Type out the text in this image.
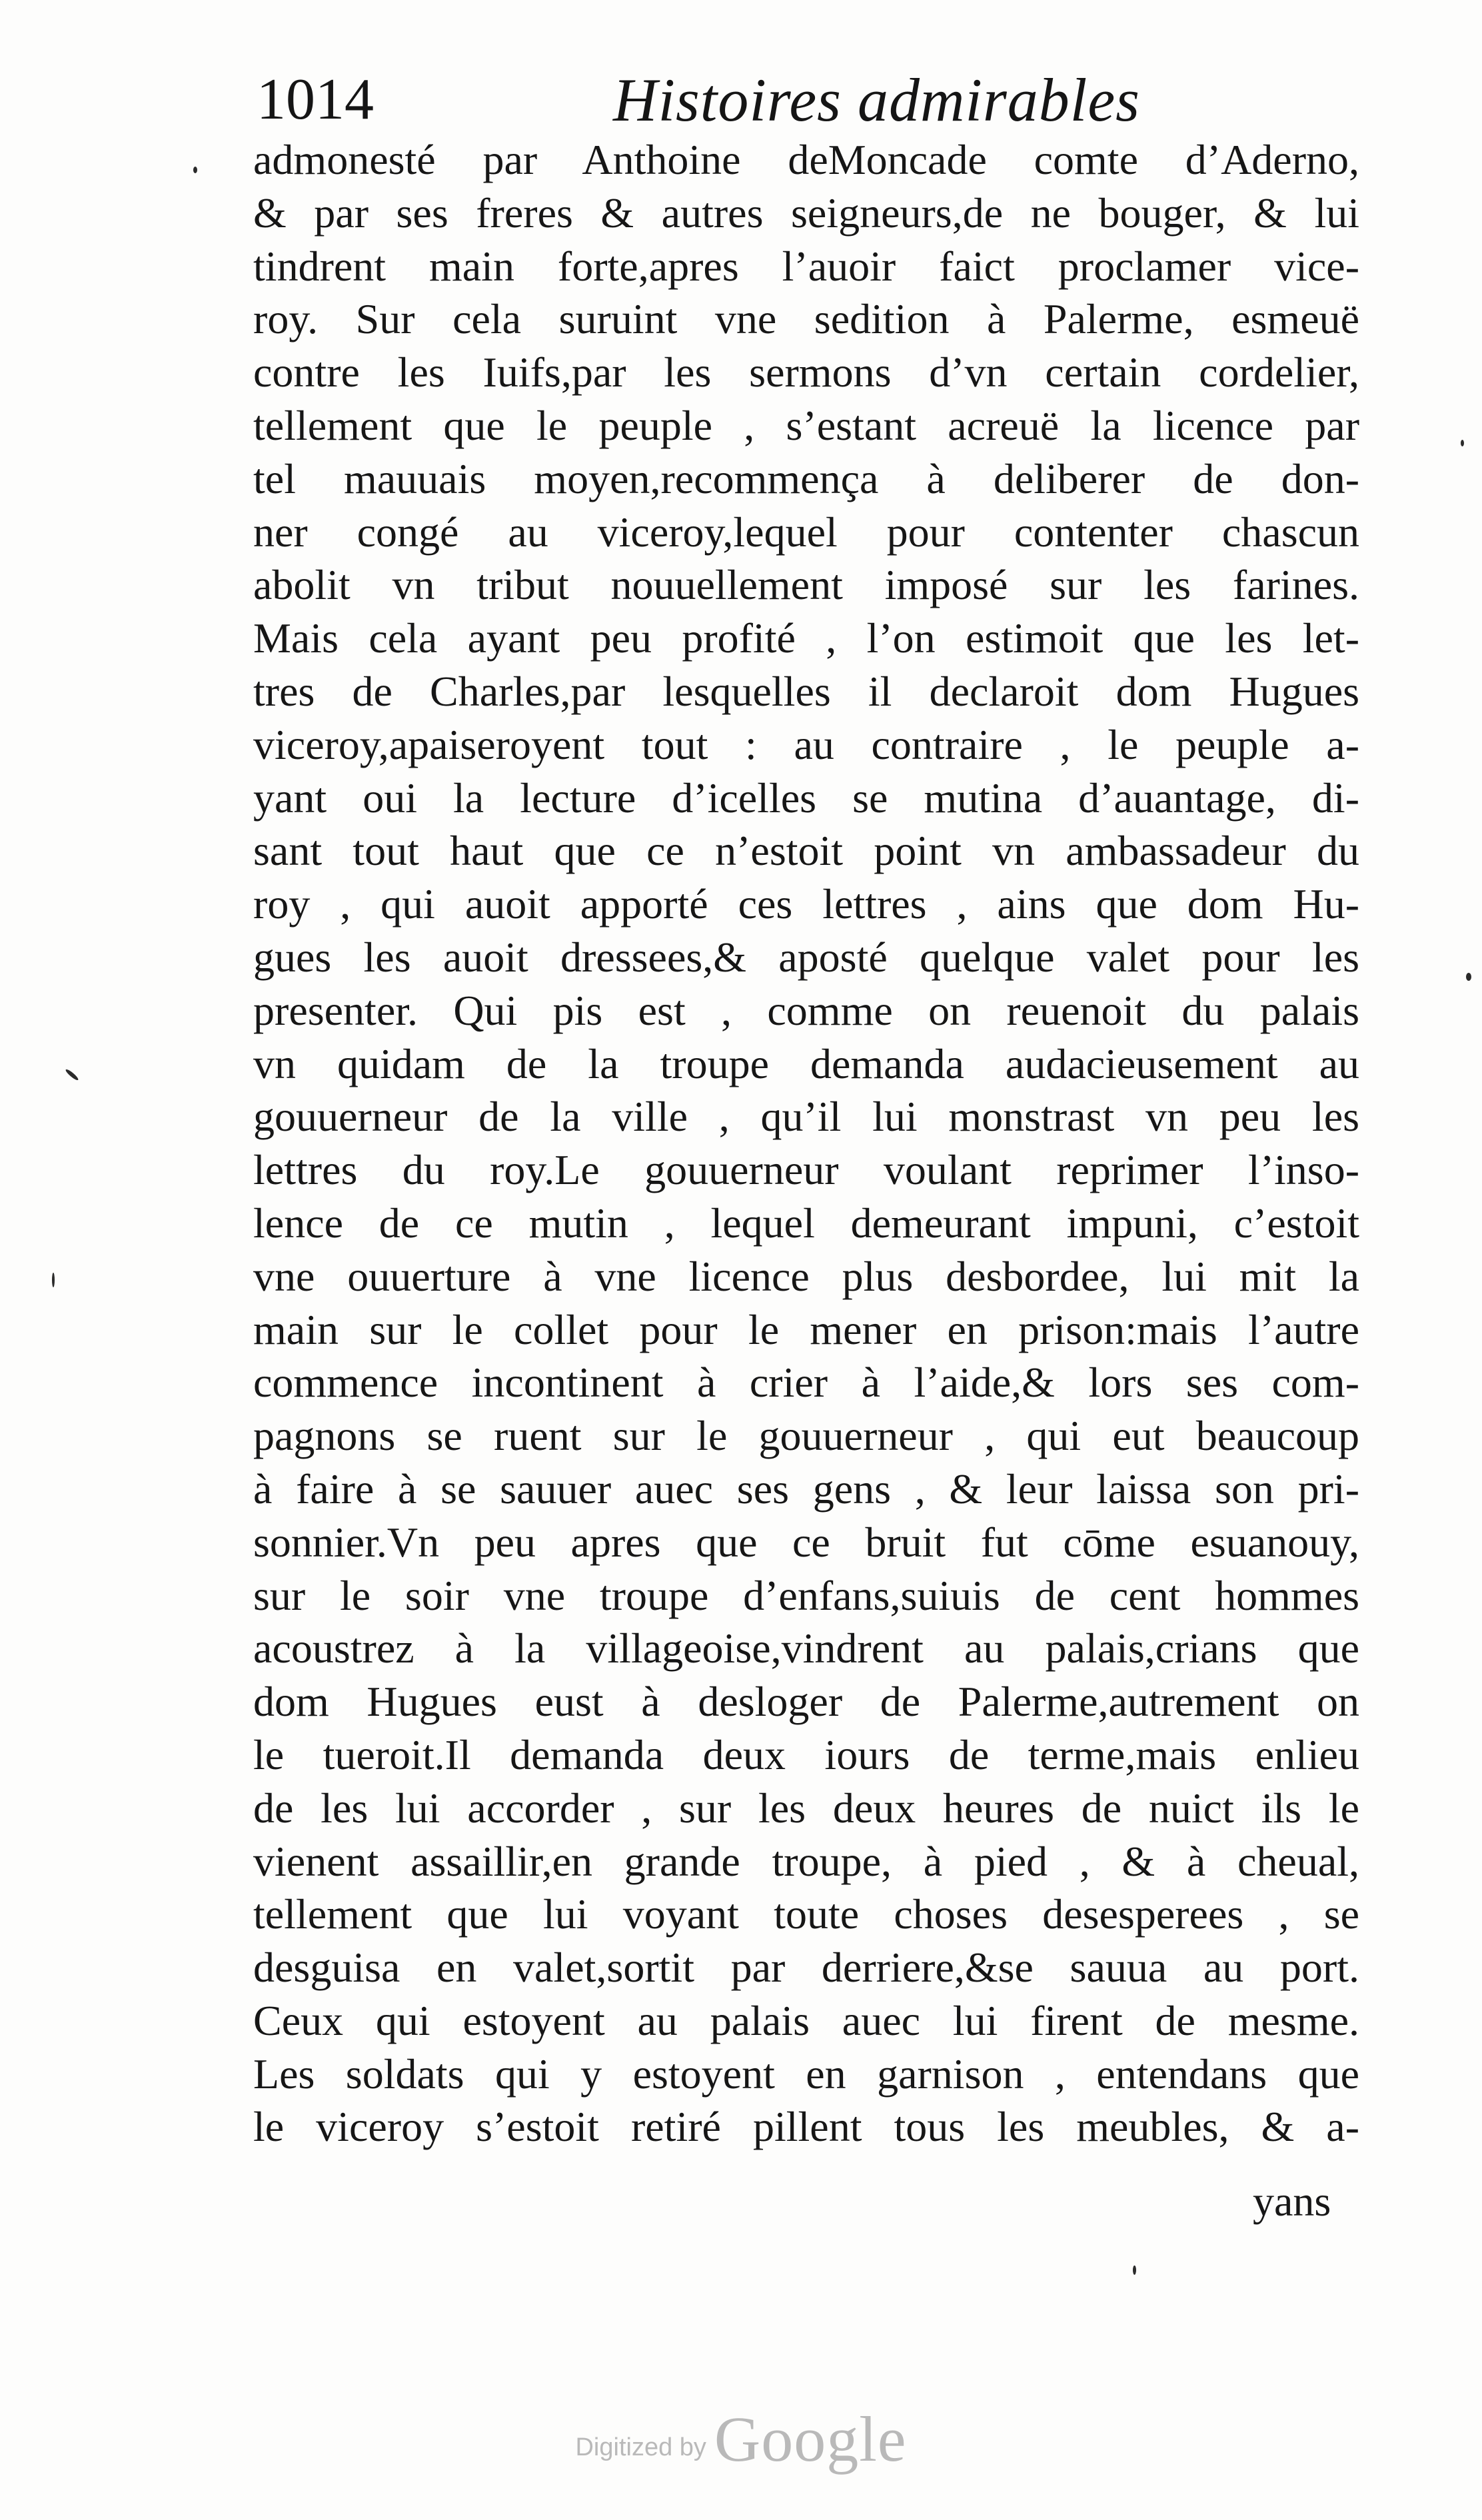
1014	Histoires admirables
admonesté par Anthoine deMoncade comte d’Aderno,
& par ses freres & autres seigneurs,de ne bouger, & lui
tindrent main forte,apres l’auoir faict proclamer vice-
roy. Sur cela suruint vne sedition à Palerme, esmeuë
contre les Iuifs,par les sermons d’vn certain cordelier,
tellement que le peuple , s’estant acreuë la licence par
tel mauuais moyen,recommença à deliberer de don-
ner congé au viceroy,lequel pour contenter chascun
abolit vn tribut nouuellement imposé sur les farines.
Mais cela ayant peu profité , l’on estimoit que les let-
tres de Charles,par lesquelles il declaroit dom Hugues
viceroy,apaiseroyent tout : au contraire , le peuple a-
yant oui la lecture d’icelles se mutina d’auantage, di-
sant tout haut que ce n’estoit point vn ambassadeur du
roy , qui auoit apporté ces lettres , ains que dom Hu-
gues les auoit dressees,& aposté quelque valet pour les
presenter. Qui pis est , comme on reuenoit du palais
vn quidam de la troupe demanda audacieusement au
gouuerneur de la ville , qu’il lui monstrast vn peu les
lettres du roy.Le gouuerneur voulant reprimer l’inso-
lence de ce mutin , lequel demeurant impuni, c’estoit
vne ouuerture à vne licence plus desbordee, lui mit la
main sur le collet pour le mener en prison:mais l’autre
commence incontinent à crier à l’aide,& lors ses com-
pagnons se ruent sur le gouuerneur , qui eut beaucoup
à faire à se sauuer auec ses gens , & leur laissa son pri-
sonnier.Vn peu apres que ce bruit fut cōme esuanouy,
sur le soir vne troupe d’enfans,suiuis de cent hommes
acoustrez à la villageoise,vindrent au palais,crians que
dom Hugues eust à desloger de Palerme,autrement on
le tueroit.Il demanda deux iours de terme,mais enlieu
de les lui accorder , sur les deux heures de nuict ils le
vienent assaillir,en grande troupe, à pied , & à cheual,
tellement que lui voyant toute choses desesperees , se
desguisa en valet,sortit par derriere,&se sauua au port.
Ceux qui estoyent au palais auec lui firent de mesme.
Les soldats qui y estoyent en garnison , entendans que
le viceroy s’estoit retiré pillent tous les meubles, & a-
yans
Digitized by Google
